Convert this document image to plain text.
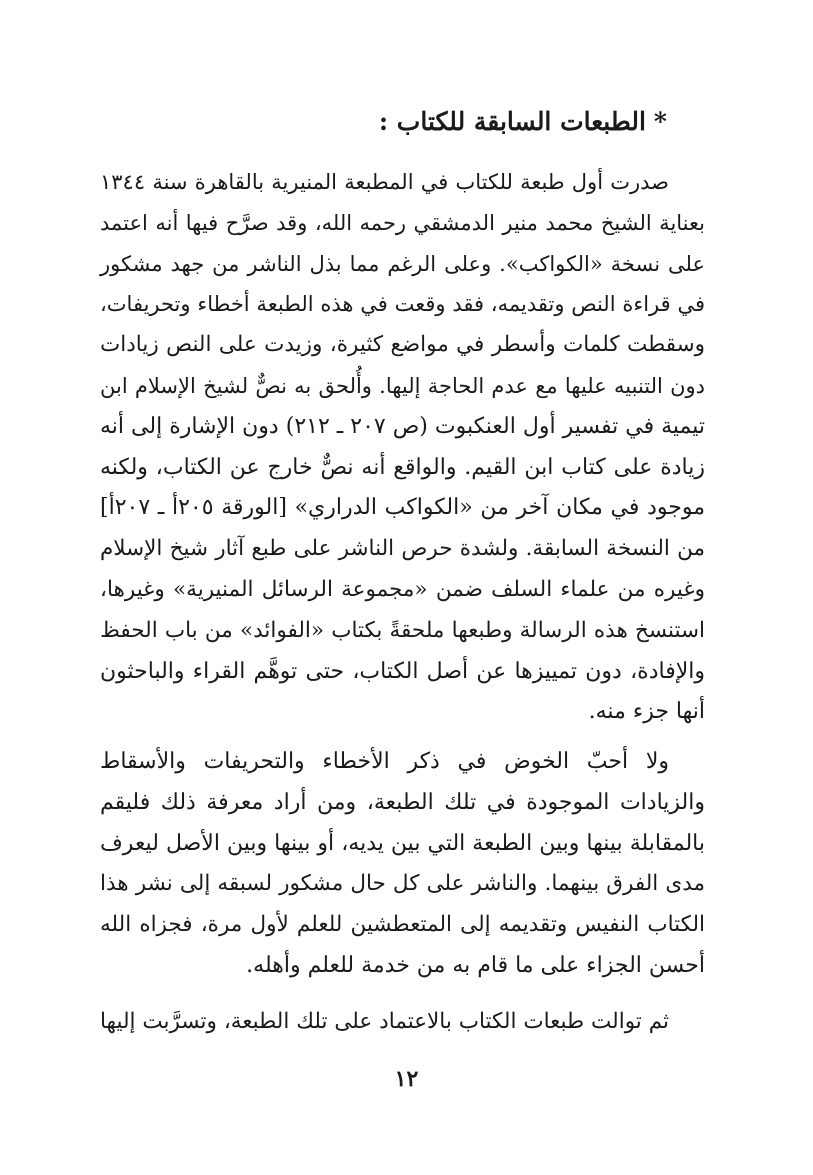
*الطبعات السابقة للكتاب :
صدرت أول طبعة للكتاب في المطبعة المنيرية بالقاهرة سنة ١٣٤٤
بعناية الشيخ محمد منير الدمشقي رحمه الله، وقد صرَّح فيها أنه اعتمد
على نسخة «الكواكب». وعلى الرغم مما بذل الناشر من جهد مشكور
في قراءة النص وتقديمه، فقد وقعت في هذه الطبعة أخطاء وتحريفات،
وسقطت كلمات وأسطر في مواضع كثيرة، وزيدت على النص زيادات
دون التنبيه عليها مع عدم الحاجة إليها. وأُلحق به نصٌّ لشيخ الإسلام ابن
تيمية في تفسير أول العنكبوت (ص ٢٠٧ ـ ٢١٢) دون الإشارة إلى أنه
زيادة على كتاب ابن القيم. والواقع أنه نصٌّ خارج عن الكتاب، ولكنه
موجود في مكان آخر من «الكواكب الدراري» [الورقة ٢٠٥أ ـ ٢٠٧أ]
من النسخة السابقة. ولشدة حرص الناشر على طبع آثار شيخ الإسلام
وغيره من علماء السلف ضمن «مجموعة الرسائل المنيرية» وغيرها،
استنسخ هذه الرسالة وطبعها ملحقةً بكتاب «الفوائد» من باب الحفظ
والإفادة، دون تمييزها عن أصل الكتاب، حتى توهَّم القراء والباحثون
أنها جزء منه.
ولا أحبّ الخوض في ذكر الأخطاء والتحريفات والأسقاط
والزيادات الموجودة في تلك الطبعة، ومن أراد معرفة ذلك فليقم
بالمقابلة بينها وبين الطبعة التي بين يديه، أو بينها وبين الأصل ليعرف
مدى الفرق بينهما. والناشر على كل حال مشكور لسبقه إلى نشر هذا
الكتاب النفيس وتقديمه إلى المتعطشين للعلم لأول مرة، فجزاه الله
أحسن الجزاء على ما قام به من خدمة للعلم وأهله.
ثم توالت طبعات الكتاب بالاعتماد على تلك الطبعة، وتسرَّبت إليها
١٢
